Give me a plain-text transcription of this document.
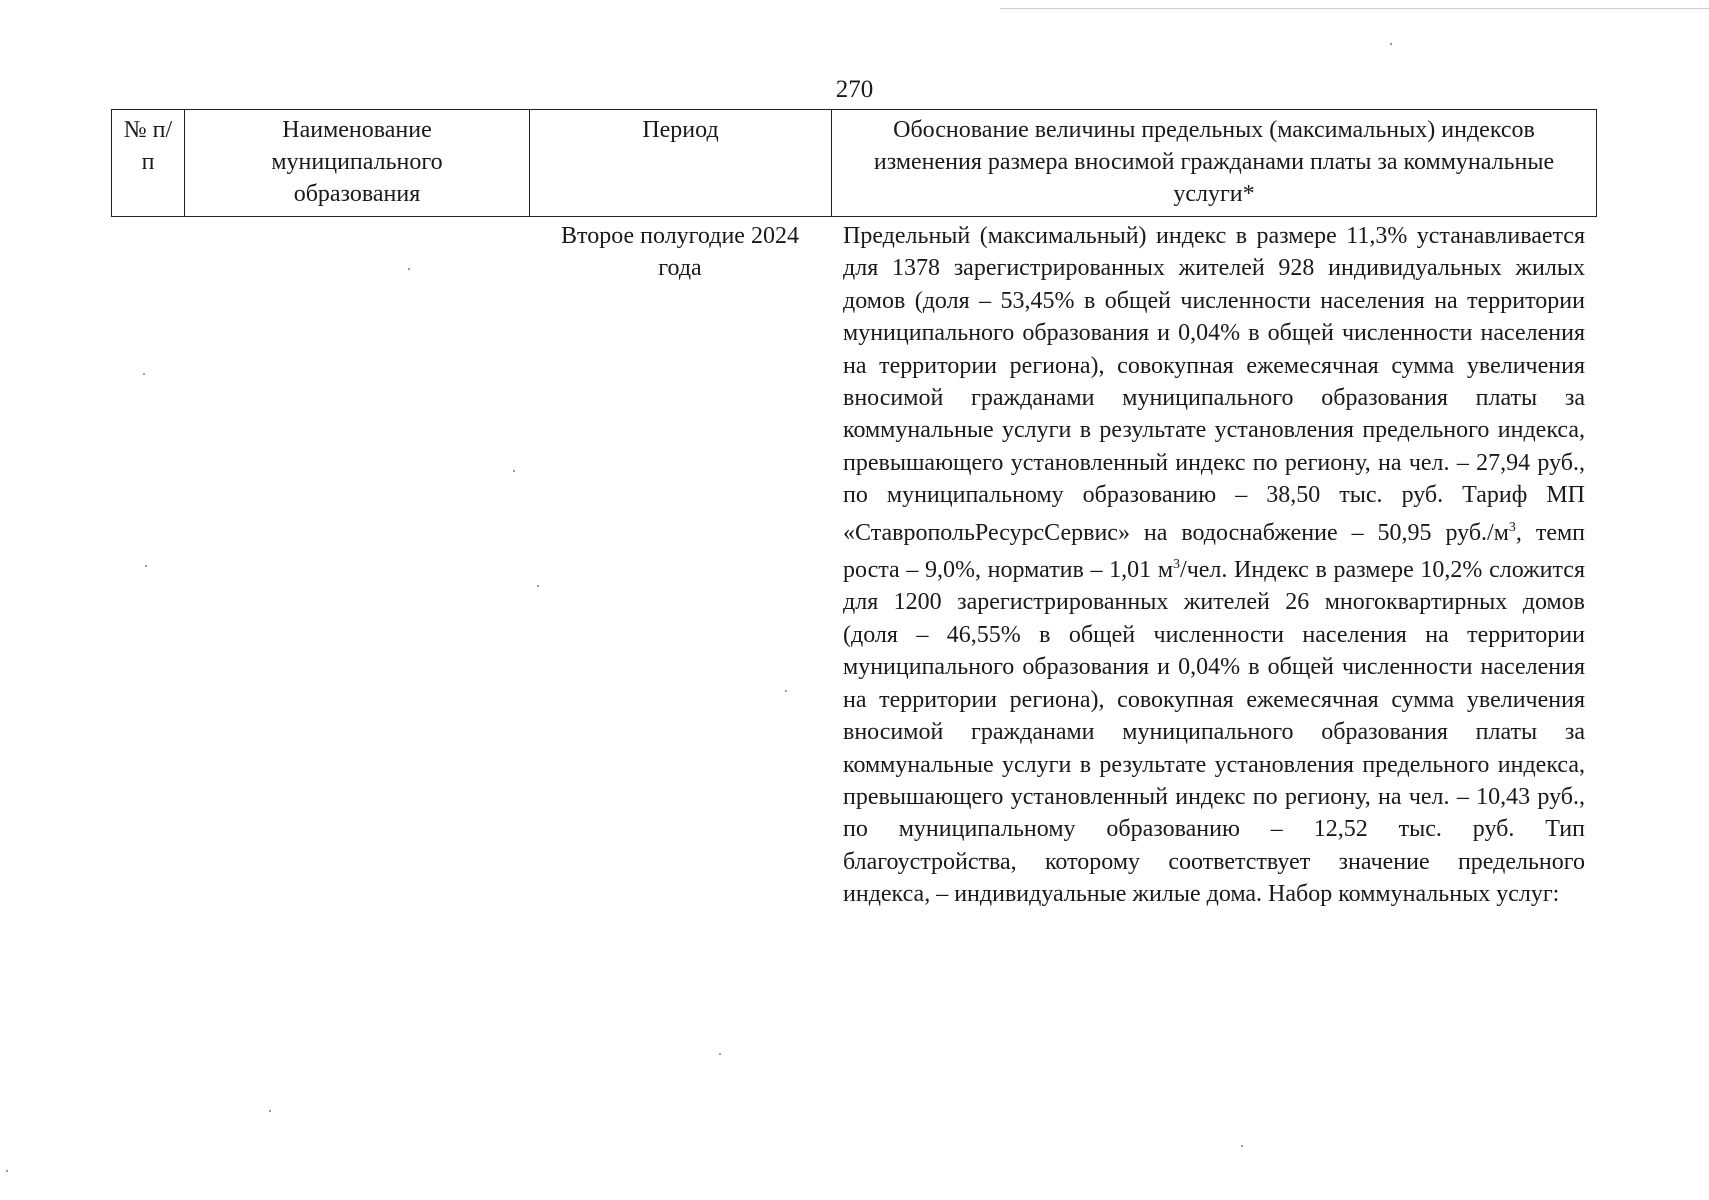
270
№ п/п
Наименование муниципального образования
Период	Обоснование величины предельных (максимальных) индексов изменения размера вносимой гражданами платы за коммунальные услуги*
Второе полугодие 2024 года

Предельный (максимальный) индекс в размере 11,3% устанавливается для 1378 зарегистрированных жителей 928 индивидуальных жилых домов (доля – 53,45% в общей численности населения на территории муниципального образования и 0,04% в общей численности населения на территории региона), совокупная ежемесячная сумма увеличения вносимой гражданами муниципального образования платы за коммунальные услуги в результате установления предельного индекса, превышающего установленный индекс по региону, на чел. – 27,94 руб., по муниципальному образованию – 38,50 тыс. руб. Тариф МП «СтавропольРесурсСервис» на водоснабжение – 50,95 $руб./м^3$, темп роста – 9,0%, норматив – 1,01 $м^3$/чел. Индекс в размере 10,2% сложится для 1200 зарегистрированных жителей 26 многоквартирных домов (доля – 46,55% в общей численности населения на территории муниципального образования и 0,04% в общей численности населения на территории региона), совокупная ежемесячная сумма увеличения вносимой гражданами муниципального образования платы за коммунальные услуги в результате установления предельного индекса, превышающего установленный индекс по региону, на чел. – 10,43 руб., по муниципальному образованию – 12,52 тыс. руб. Тип благоустройства, которому соответствует значение предельного индекса, – индивидуальные жилые дома. Набор коммунальных услуг:
